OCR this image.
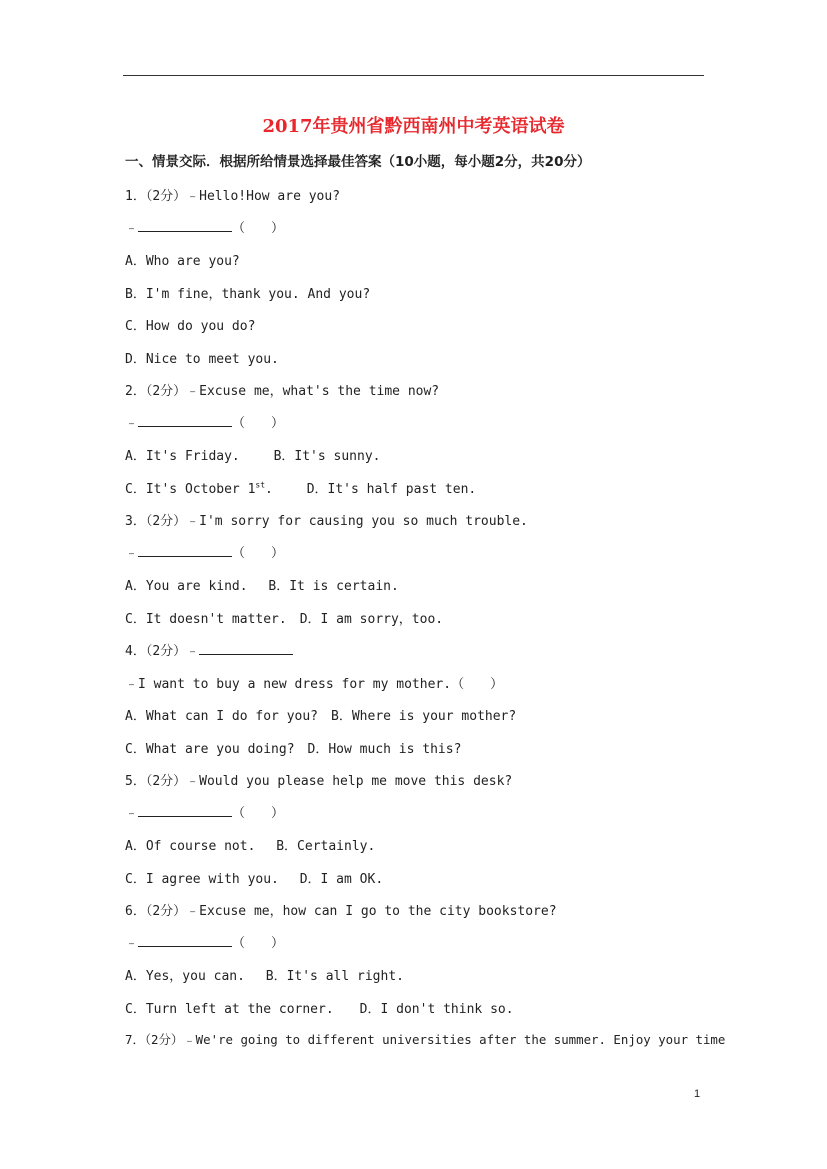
2017年贵州省黔西南州中考英语试卷
一、情景交际．根据所给情景选择最佳答案（10小题，每小题2分，共20分）
1．（2分）﹣Hello!How are you?
﹣	（　　）
A．Who are you?
B．I'm fine，thank you. And you?
C．How do you do?
D．Nice to meet you.
2．（2分）﹣Excuse me，what's the time now?
﹣	（　　）
A．It's Friday.　　 B．It's sunny.
C．It's October 1st.　　 D．It's half past ten.
3．（2分）﹣I'm sorry for causing you so much trouble.
﹣	（　　）
A．You are kind.　 B．It is certain.
C．It doesn't matter.　D．I am sorry，too.
4．（2分）﹣
﹣I want to buy a new dress for my mother.（　　）
A．What can I do for you?　B．Where is your mother?
C．What are you doing?　D．How much is this?
5．（2分）﹣Would you please help me move this desk?
﹣	（　　）
A．Of course not.　 B．Certainly.
C．I agree with you.　 D．I am OK.
6．（2分）﹣Excuse me，how can I go to the city bookstore?
﹣	（　　）
A．Yes，you can.　 B．It's all right.
C．Turn left at the corner.　　D．I don't think so.
7．（2分）﹣We're going to different universities after the summer. Enjoy your time
1
